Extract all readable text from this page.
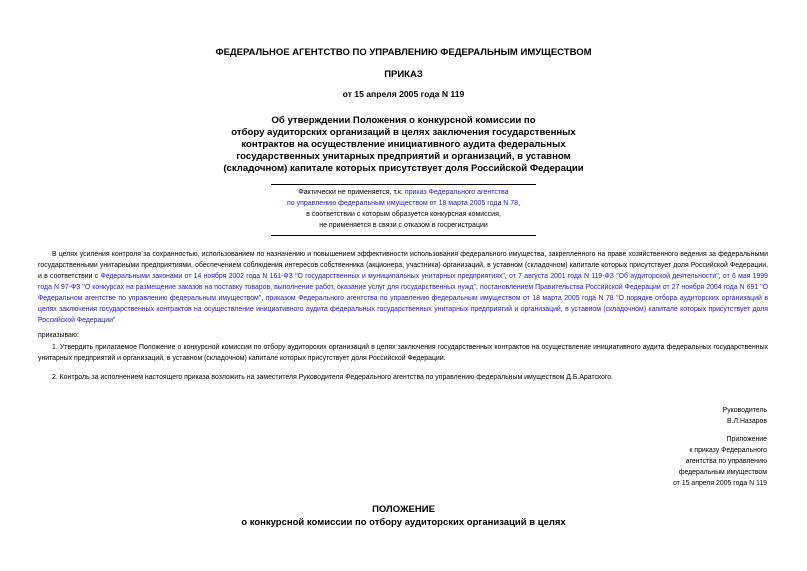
ФЕДЕРАЛЬНОЕ АГЕНТСТВО ПО УПРАВЛЕНИЮ ФЕДЕРАЛЬНЫМ ИМУЩЕСТВОМ
ПРИКАЗ
от 15 апреля 2005 года N 119
Об утверждении Положения о конкурсной комиссии по
отбору аудиторских организаций в целях заключения государственных
контрактов на осуществление инициативного аудита федеральных
государственных унитарных предприятий и организаций, в уставном
(складочном) капитале которых присутствует доля Российской Федерации
Фактически не применяется, т.к. приказ Федерального агентства
по управлению федеральным имуществом от 18 марта 2005 года N 78,
в соответствии с которым образуется конкурсная комиссия,
не применяется в связи с отказом в госрегистрации
В целях усиления контроля за сохранностью, использованием по назначению и повышением эффективности использования федерального имущества, закрепленного на праве хозяйственного ведения за федеральными государственными унитарными предприятиями, обеспечением соблюдения интересов собственника (акционера, участника) организаций, в уставном (складочном) капитале которых присутствует доля Российской Федерации, и в соответствии с Федеральными законами от 14 ноября 2002 года N 161-ФЗ "О государственных и муниципальных унитарных предприятиях", от 7 августа 2001 года N 119-ФЗ "Об аудиторской деятельности", от 6 мая 1999 года N 97-ФЗ "О конкурсах на размещение заказов на поставку товаров, выполнение работ, оказание услуг для государственных нужд", постановлением Правительства Российской Федерации от 27 ноября 2004 года N 691 "О Федеральном агентстве по управлению федеральным имуществом", приказом Федерального агентства по управлению федеральным имуществом от 18 марта 2005 года N 78 "О порядке отбора аудиторских организаций в целях заключения государственных контрактов на осуществление инициативного аудита федеральных государственных унитарных предприятий и организаций, в уставном (складочном) капитале которых присутствует доля Российской Федерации"
приказываю:
1. Утвердить прилагаемое Положение о конкурсной комиссии по отбору аудиторских организаций в целях заключения государственных контрактов на осуществление инициативного аудита федеральных государственных унитарных предприятий и организаций, в уставном (складочном) капитале которых присутствует доля Российской Федерации.
2. Контроль за исполнением настоящего приказа возложить на заместителя Руководителя Федерального агентства по управлению федеральным имуществом Д.Б.Аратского.
Руководитель
В.Л.Назаров
Приложение
к приказу Федерального
агентства по управлению
федеральным имуществом
от 15 апреля 2005 года N 119
ПОЛОЖЕНИЕ
о конкурсной комиссии по отбору аудиторских организаций в целях
